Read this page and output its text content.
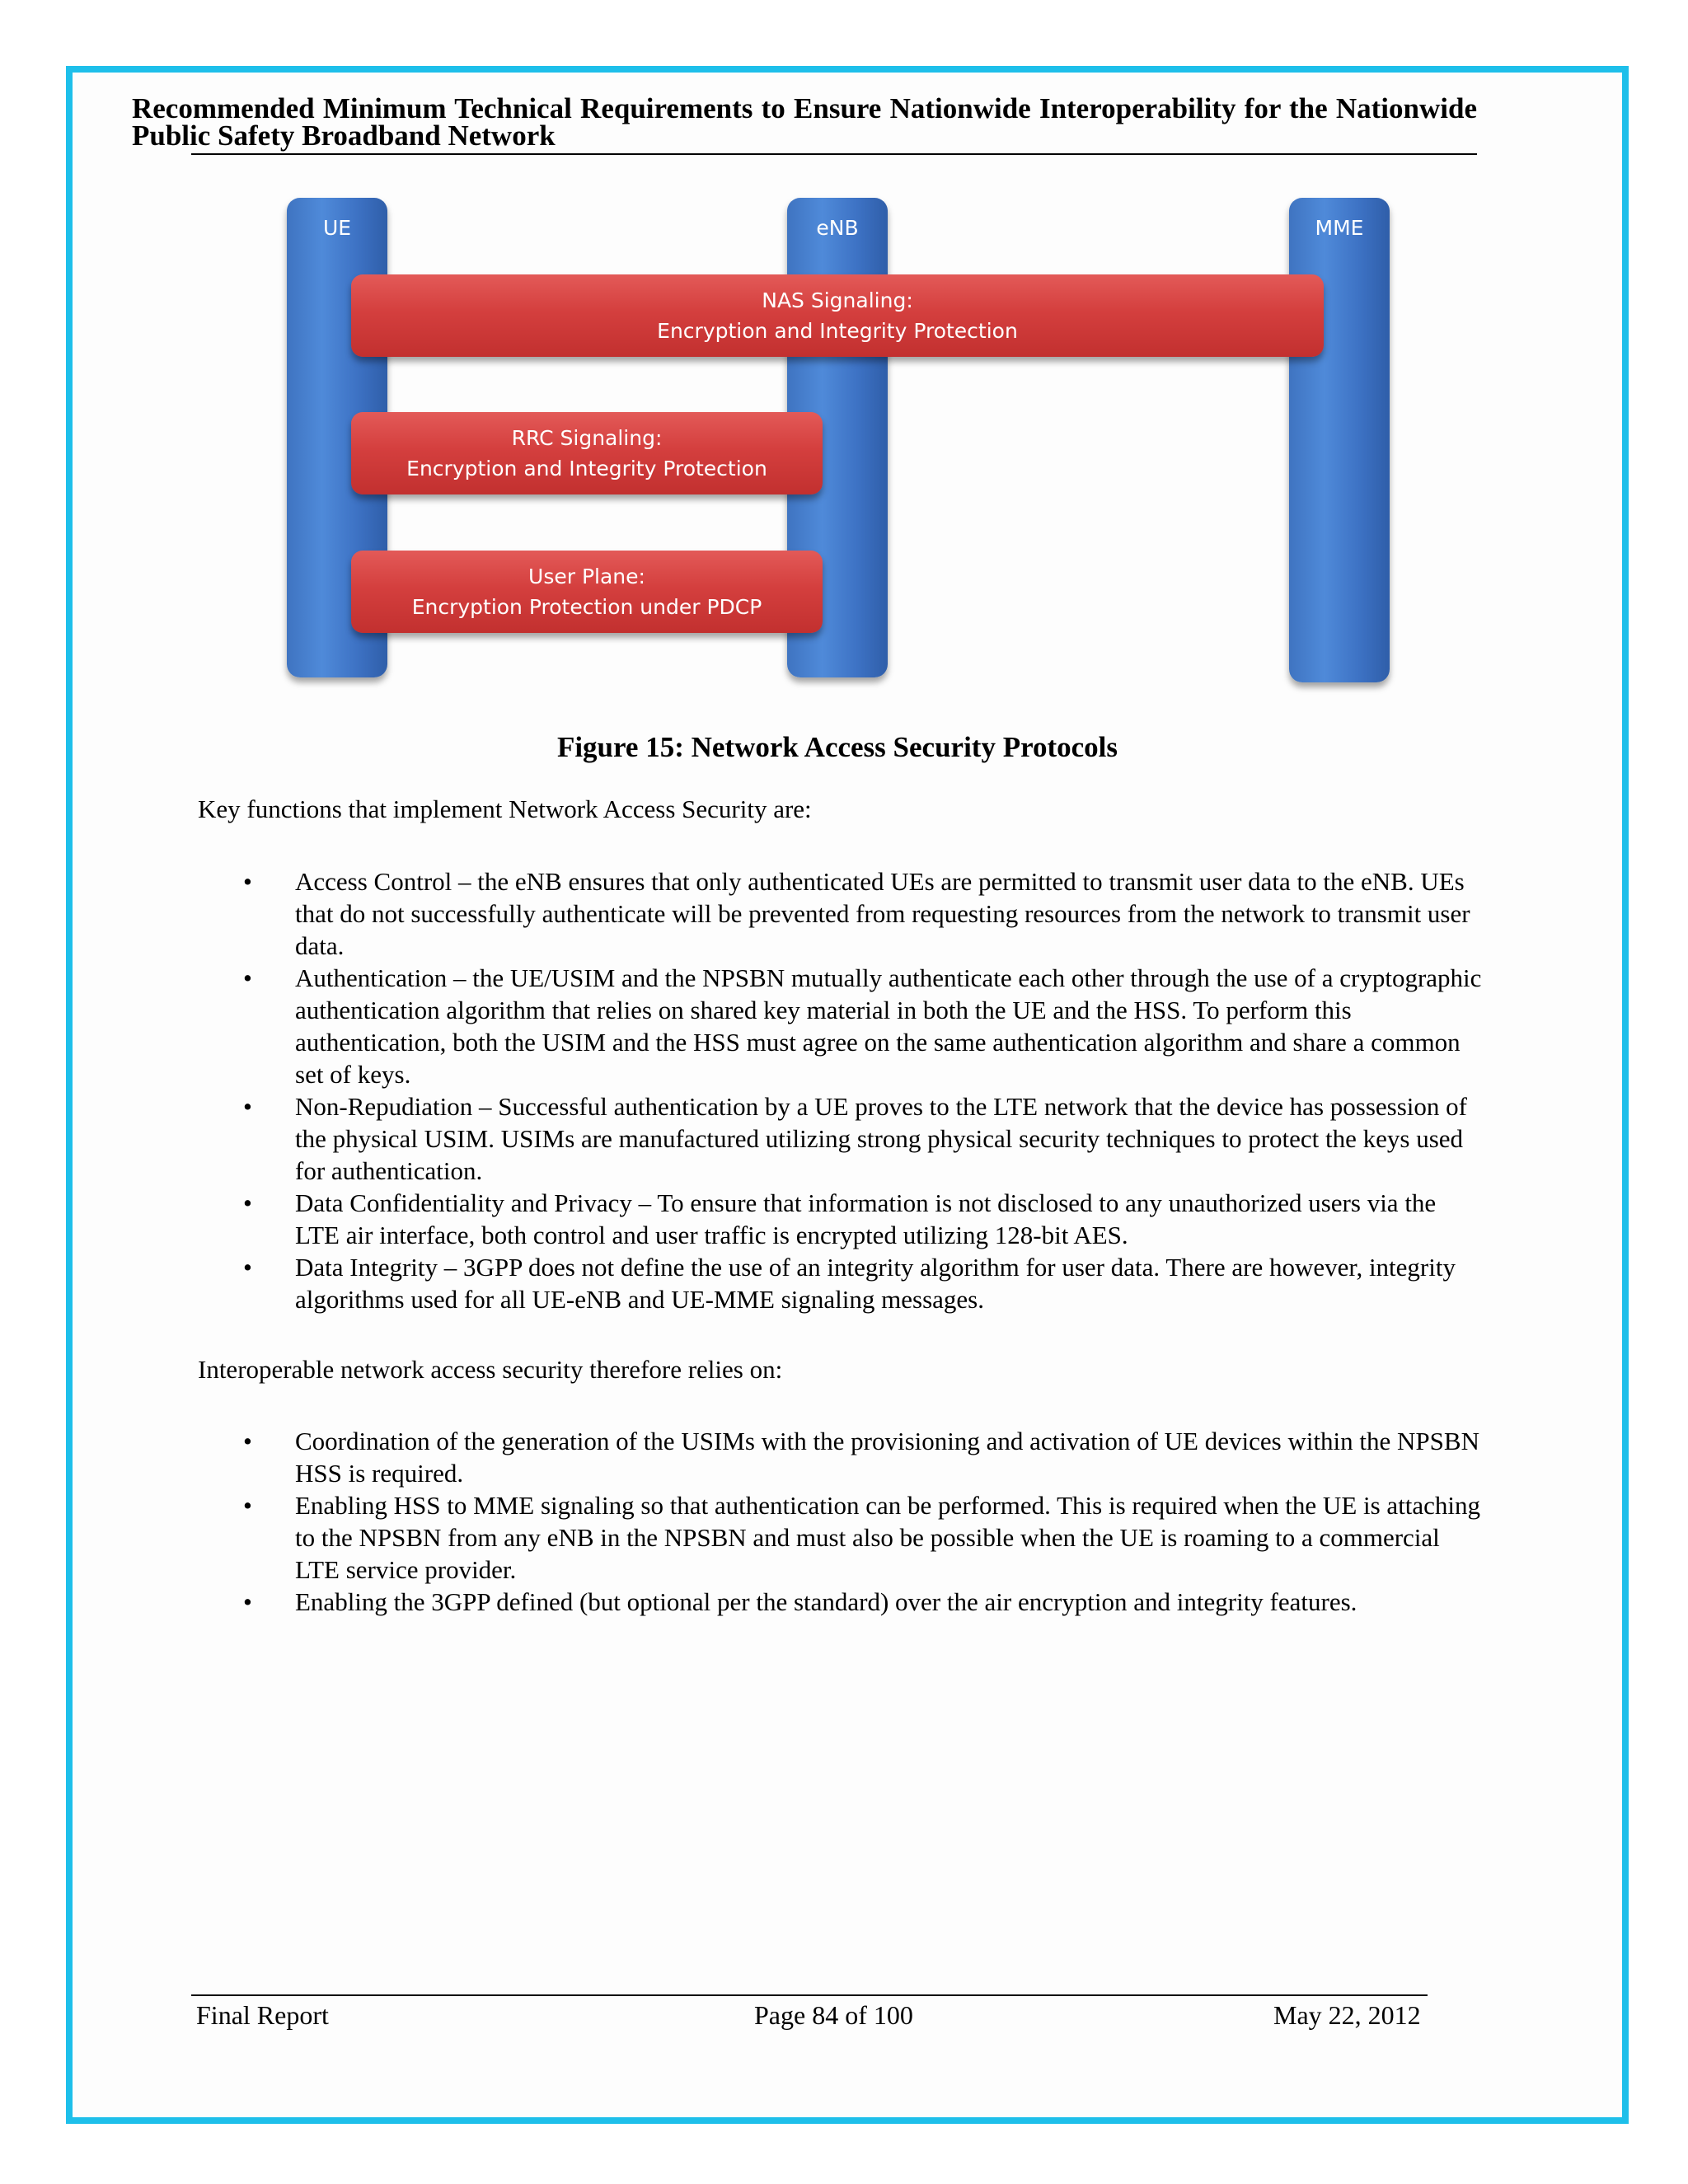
Recommended Minimum Technical Requirements to Ensure Nationwide Interoperability for the Nationwide Public Safety Broadband Network
UE	eNB	MME
NAS Signaling:
Encryption and Integrity Protection
RRC Signaling:
Encryption and Integrity Protection
User Plane:
Encryption Protection under PDCP
Figure 15: Network Access Security Protocols
Key functions that implement Network Access Security are:
• Access Control – the eNB ensures that only authenticated UEs are permitted to transmit user data to the eNB. UEs that do not successfully authenticate will be prevented from requesting resources from the network to transmit user data.
• Authentication – the UE/USIM and the NPSBN mutually authenticate each other through the use of a cryptographic authentication algorithm that relies on shared key material in both the UE and the HSS. To perform this authentication, both the USIM and the HSS must agree on the same authentication algorithm and share a common set of keys.
• Non-Repudiation – Successful authentication by a UE proves to the LTE network that the device has possession of the physical USIM. USIMs are manufactured utilizing strong physical security techniques to protect the keys used for authentication.
• Data Confidentiality and Privacy – To ensure that information is not disclosed to any unauthorized users via the LTE air interface, both control and user traffic is encrypted utilizing 128-bit AES.
• Data Integrity – 3GPP does not define the use of an integrity algorithm for user data. There are however, integrity algorithms used for all UE-eNB and UE-MME signaling messages.
Interoperable network access security therefore relies on:
• Coordination of the generation of the USIMs with the provisioning and activation of UE devices within the NPSBN HSS is required.
• Enabling HSS to MME signaling so that authentication can be performed. This is required when the UE is attaching to the NPSBN from any eNB in the NPSBN and must also be possible when the UE is roaming to a commercial LTE service provider.
• Enabling the 3GPP defined (but optional per the standard) over the air encryption and integrity features.
Final Report	Page 84 of 100	May 22, 2012
